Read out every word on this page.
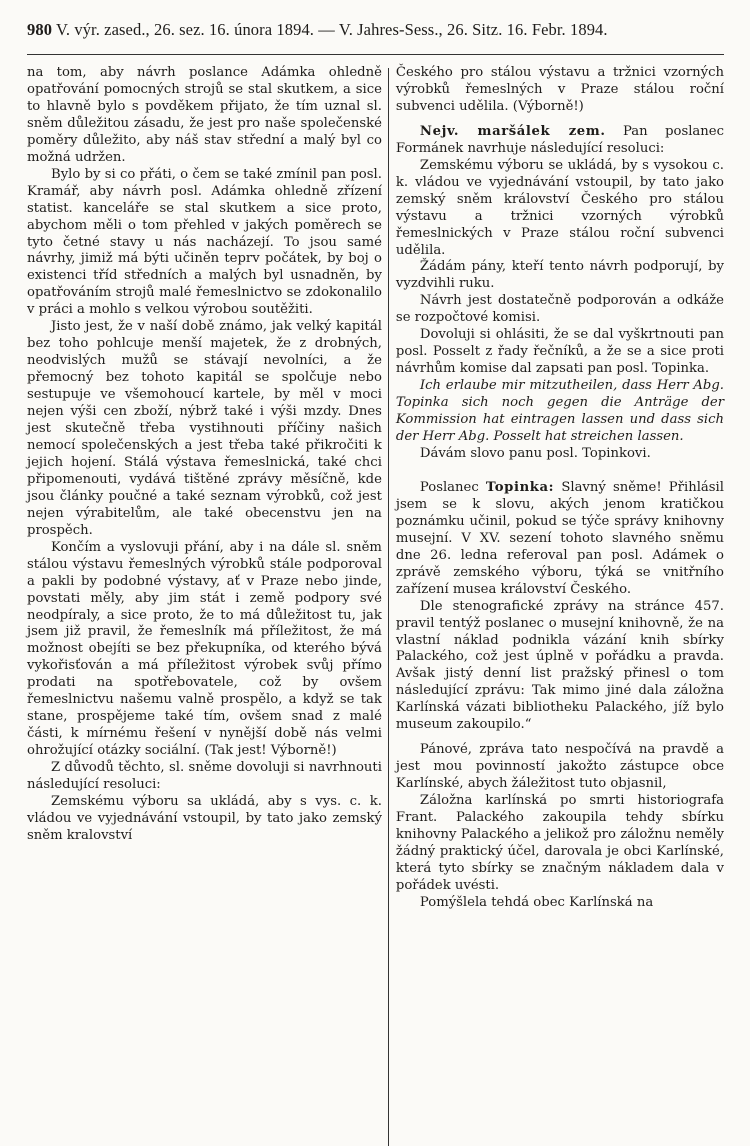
980 V. výr. zased., 26. sez. 16. února 1894. — V. Jahres-Sess., 26. Sitz. 16. Febr. 1894.

na tom, aby návrh poslance Adámka ohledně opatřování pomocných strojů se stal skutkem, a sice to hlavně bylo s povděkem přijato, že tím uznal sl. sněm důležitou zásadu, že jest pro naše společenské poměry důležito, aby náš stav střední a malý byl co možná udržen.

Bylo by si co přáti, o čem se také zmínil pan posl. Kramář, aby návrh posl. Adámka ohledně zřízení statist. kanceláře se stal skutkem a sice proto, abychom měli o tom přehled v jakých poměrech se tyto četné stavy u nás nacházejí. To jsou samé návrhy, jimiž má býti učiněn teprv počátek, by boj o existenci tříd středních a malých byl usnadněn, by opatřováním strojů malé řemeslnictvo se zdokonalilo v práci a mohlo s velkou výrobou soutěžiti.

Jisto jest, že v naší době známo, jak velký kapitál bez toho pohlcuje menší majetek, že z drobných, neodvislých mužů se stávají nevolníci, a že přemocný bez tohoto kapitál se spolčuje nebo sestupuje ve všemohoucí kartele, by měl v moci nejen výši cen zboží, nýbrž také i výši mzdy. Dnes jest skutečně třeba vystihnouti příčiny našich nemocí společenských a jest třeba také přikročiti k jejich hojení. Stálá výstava řemeslnická, také chci připomenouti, vydává tištěné zprávy měsíčně, kde jsou články poučné a také seznam výrobků, což jest nejen výrabitelům, ale také obecenstvu jen na prospěch.

Končím a vyslovuji přání, aby i na dále sl. sněm stálou výstavu řemeslných výrobků stále podporoval a pakli by podobné výstavy, ať v Praze nebo jinde, povstati měly, aby jim stát i země podpory své neodpíraly, a sice proto, že to má důležitost tu, jak jsem již pravil, že řemeslník má příležitost, že má možnost obejíti se bez překupníka, od kterého bývá vykořisťován a má příležitost výrobek svůj přímo prodati na spotřebovatele, což by ovšem řemeslnictvu našemu valně prospělo, a když se tak stane, prospějeme také tím, ovšem snad z malé části, k mírnému řešení v nynější době nás velmi ohrožující otázky sociální. (Tak jest! Výborně!)

Z důvodů těchto, sl. sněme dovoluji si navrhnouti následující resoluci:

Zemskému výboru sa ukládá, aby s vys. c. k. vládou ve vyjednávání vstoupil, by tato jako zemský sněm kralovství

Českého pro stálou výstavu a tržnici vzorných výrobků řemeslných v Praze stálou roční subvenci udělila. (Výborně!)

Nejv. maršálek zem. Pan poslanec Formánek navrhuje následující resoluci:

Zemskému výboru se ukládá, by s vysokou c. k. vládou ve vyjednávání vstoupil, by tato jako zemský sněm království Českého pro stálou výstavu a tržnici vzorných výrobků řemeslnických v Praze stálou roční subvenci udělila.

Žádám pány, kteří tento návrh podporují, by vyzdvihli ruku.

Návrh jest dostatečně podporován a odkáže se rozpočtové komisi.

Dovoluji si ohlásiti, že se dal vyškrtnouti pan posl. Posselt z řady řečníků, a že se a sice proti návrhům komise dal zapsati pan posl. Topinka.

Ich erlaube mir mitzutheilen, dass Herr Abg. Topinka sich noch gegen die Anträge der Kommission hat eintragen lassen und dass sich der Herr Abg. Posselt hat streichen lassen.

Dávám slovo panu posl. Topinkovi.

Poslanec Topinka: Slavný sněme! Přihlásil jsem se k slovu, akých jenom kratičkou poznámku učinil, pokud se týče správy knihovny musejní. V XV. sezení tohoto slavného sněmu dne 26. ledna referoval pan posl. Adámek o zprávě zemského výboru, týká se vnitřního zařízení musea království Českého.

Dle stenografické zprávy na stránce 457. pravil tentýž poslanec o musejní knihovně, že na vlastní náklad podnikla vázání knih sbírky Palackého, což jest úplně v pořádku a pravda. Avšak jistý denní list pražský přinesl o tom následující zprávu: Tak mimo jiné dala záložna Karlínská vázati bibliotheku Palackého, jíž bylo museum zakoupilo.“

Pánové, zpráva tato nespočívá na pravdě a jest mou povinností jakožto zástupce obce Karlínské, abych žáležitost tuto objasnil,

Záložna karlínská po smrti historiografa Frant. Palackého zakoupila tehdy sbírku knihovny Palackého a jelikož pro záložnu neměly žádný praktický účel, darovala je obci Karlínské, která tyto sbírky se značným nákladem dala v pořádek uvésti.

Pomýšlela tehdá obec Karlínská na
